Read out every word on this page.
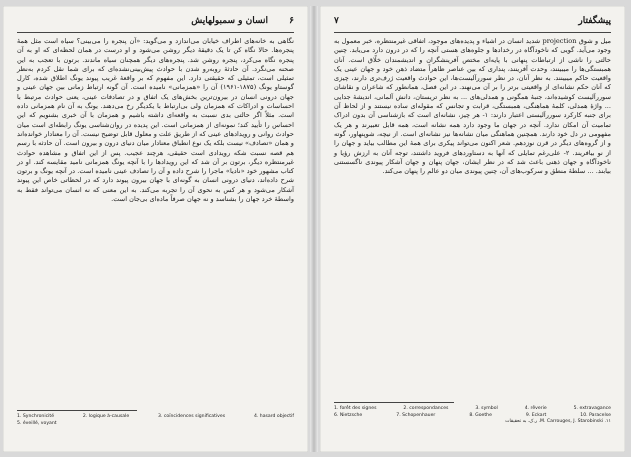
۶
انسان و سمبولهایش

نگاهی به خانه‌های اطراف خیابان می‌اندازد و می‌گوید: «آن پنجره را می‌بینی؟ سیاه است مثل همهٔ پنجره‌ها. حالا نگاه کن تا یک دقیقهٔ دیگر روشن می‌شود و او درست در همان لحظه‌ای که او به آن پنجره نگاه می‌کرد، پنجره روشن شد. پنجره‌های دیگر همچنان سیاه ماندند. برتون با تعجب به این صحنه می‌نگرد. آن حادثهٔ روبه‌رو شدن با حوادث پیش‌بینی‌نشده‌ای که برای شما نقل کردم به‌نظر تمثیلی است، تمثیلی که حقیقتی دارد. این مفهوم که بر واقعهٔ غریب پیوند یونگ اطلاق شده، کارل گوستاو یونگ (۱۸۷۵-۱۹۶۱) آن را «همزمانی» نامیده است. آن گونه ارتباط زمانی بین جهان عینی و جهان درونی انسان در بیرون‌ترین بخش‌های یک اتفاق و در تصادفات عینی، یعنی حوادث مرتبط با احساسات و ادراکات که همزمان ولی بی‌ارتباط با یکدیگر رخ می‌دهند. یونگ به آن نام همزمانی داده است. مثلاً اگر حالتی بدی نسبت به واقعه‌ای داشته باشیم و همزمان با آن خبری بشنویم که این احساس را تأیید کند؛ نمونه‌ای از همزمانی است. این پدیده در روان‌شناسی یونگ رابطه‌ای است میان حوادث روانی و رویدادهای عینی که از طریق علت و معلول قابل توضیح نیست. آن را معنادار خوانده‌اند و همان «تصادف» نیست بلکه یک نوع انطباق معنادار میان دنیای درون و بیرون است. آن حادثه با رسم هم قصه نسبت شکه رویدادی است حقیقی، هرچند عجیب. پس از این اتفاق و مشاهده حوادث غیرمنتظره دیگر، برتون بر آن شد که این رویدادها را با آنچه یونگ همزمانی نامید مقایسه کند. او در کتاب مشهور خود «نادیا» ماجرا را شرح داده و آن را تصادف عینی نامیده است. در آنچه یونگ و برتون شرح داده‌اند، دنیای درونی انسان به گونه‌ای با جهان بیرون پیوند دارد که در لحظاتی خاص این پیوند آشکار می‌شود و هر کس به نحوی آن را تجربه می‌کند. به این معنی که نه انسان می‌تواند فقط به واسطهٔ خرد جهان را بشناسد و نه جهان صرفاً ماده‌ای بی‌جان است.

1. Synchronicité	2. logique à-causale	3. coïncidences significatives	4. hasard objectif
5. éveillé, voyant
۷	پیشگفتار

میل و شوق projection شدید انسان در اشیاء و پدیده‌های موجود، اتفاقی غیرمنتظره، خبر معمول به وجود می‌آید. گویی که ناخودآگاه در رخدادها و جلوه‌های هستی آنچه را که در درون دارد می‌یابد. چنین حالتی را ناشی از ارتباطات پنهانی با پایه‌ای مختص آفرینشگران و اندیشمندان خلّاق است. آنان همبستگی‌ها را میبینند، وحدت آفرینند، پنداری که بین عناصر ظاهراً متضاد ذهن خود و جهان عینی یک واقعیت حاکم میبینند. به نظر آنان، در نظر سوررآلیست‌ها، این حوادث واقعیت ژرف‌تری دارند، چیزی که آنان حکم نشانه‌ای از واقعیتی برتر را بر آن می‌نهند. در این فصل، همانطور که شاعران و نقاشان سوررآلیست کوشیده‌اند، جنبهٔ همگونی و همدلی‌های ... به نظر تریستان، دانش آلمانی، اندیشهٔ جدایی ... واژهٔ همدلی، کلمهٔ هماهنگی، همبستگی، قرابت و تجانس که مقوله‌ای ساده نیستند و از لحاظ آن برای جنبه کارکرد سوررآلیستی اعتبار دارند: ۱- هر چیز، نشانه‌ای است که بازشناسی آن بدون ادراک تمامیت آن امکان ندارد. آنچه در جهان ما وجود دارد همه نشانه است، همه قابل تعبیرند و هر یک مفهومی در دل خود دارند. همچنین هماهنگی میان نشانه‌ها نیز نشانه‌ای است. از نیچه، شوپنهاور، گوته و از گروه‌های دیگر در قرن نوزدهم. شعر اکنون می‌تواند پیکری برای همهٔ این مطالب بیاید و جهان را از نو بیافریند. ۲- علی‌رغم تمایلی که آنها به دستاوردهای فروید داشتند، توجه آنان به ارزش رؤیا و ناخودآگاه و جهان ذهنی باعث شد که در نظر ایشان، جهان پنهان و جهان آشکار پیوندی ناگسستنی بیابند. ... سلطهٔ منطق و سرکوب‌های آن، چنین پیوندی میان دو عالم را پنهان می‌کند.

1. forêt des signes	2. correspondances	3. symbol	4. rêverie	5. extravagance
6. Nietzsche	7. Schopenhauer	8. Goethe	9. Eckart	10. Paracelse
M. Carrouges, J. Starobinski .۱۱. ر.ک. به تحقیقات
